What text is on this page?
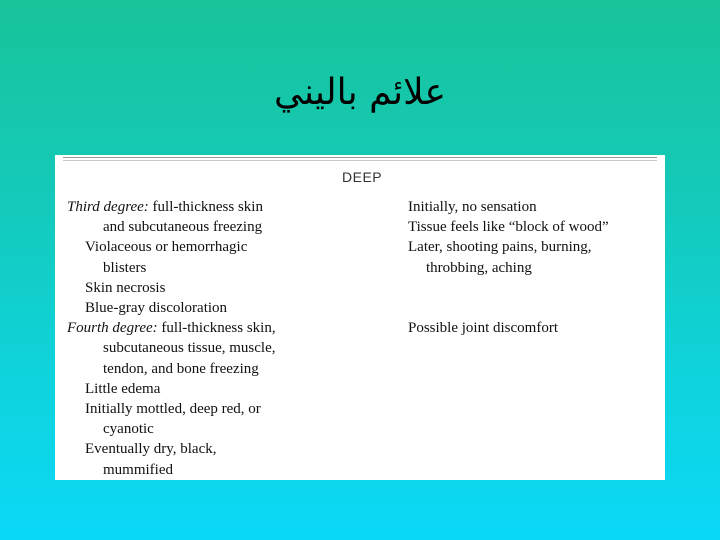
علائم باليني
DEEP
Third degree: full-thickness skin
and subcutaneous freezing
Violaceous or hemorrhagic
blisters
Skin necrosis
Blue-gray discoloration
Fourth degree: full-thickness skin,
subcutaneous tissue, muscle,
tendon, and bone freezing
Little edema
Initially mottled, deep red, or
cyanotic
Eventually dry, black,
mummified
Initially, no sensation
Tissue feels like “block of wood”
Later, shooting pains, burning,
throbbing, aching
Possible joint discomfort
